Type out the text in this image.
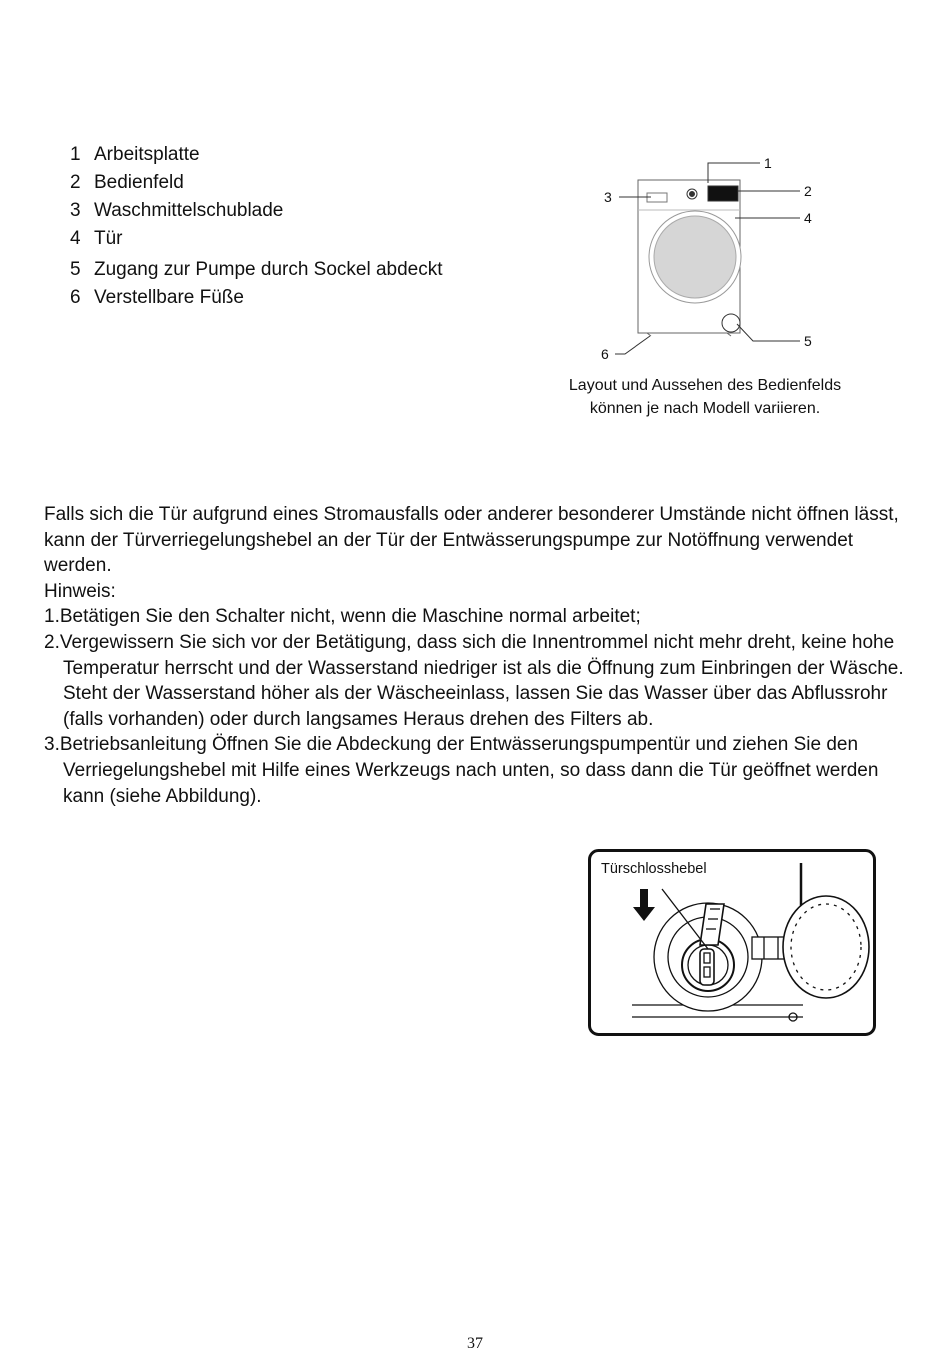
1 Arbeitsplatte
2 Bedienfeld
3 Waschmittelschublade
4 Tür
5 Zugang zur Pumpe durch Sockel abdeckt
6 Verstellbare Füße
1
2
3
4
5
6
Layout und Aussehen des Bedienfelds
können je nach Modell variieren.

Falls sich die Tür aufgrund eines Stromausfalls oder anderer besonderer Umstände nicht öffnen lässt, kann der Türverriegelungshebel an der Tür der Entwässerungspumpe zur Notöffnung verwendet werden.

Hinweis:

1.Betätigen Sie den Schalter nicht, wenn die Maschine normal arbeitet;

2.Vergewissern Sie sich vor der Betätigung, dass sich die Innentrommel nicht mehr dreht, keine hohe Temperatur herrscht und der Wasserstand niedriger ist als die Öffnung zum Einbringen der Wäsche. Steht der Wasserstand höher als der Wäscheeinlass, lassen Sie das Wasser über das Abflussrohr (falls vorhanden) oder durch langsames Heraus drehen des Filters ab.

3.Betriebsanleitung Öffnen Sie die Abdeckung der Entwässerungspumpentür und ziehen Sie den Verriegelungshebel mit Hilfe eines Werkzeugs nach unten, so dass dann die Tür geöffnet werden kann (siehe Abbildung).

Türschlosshebel
37
